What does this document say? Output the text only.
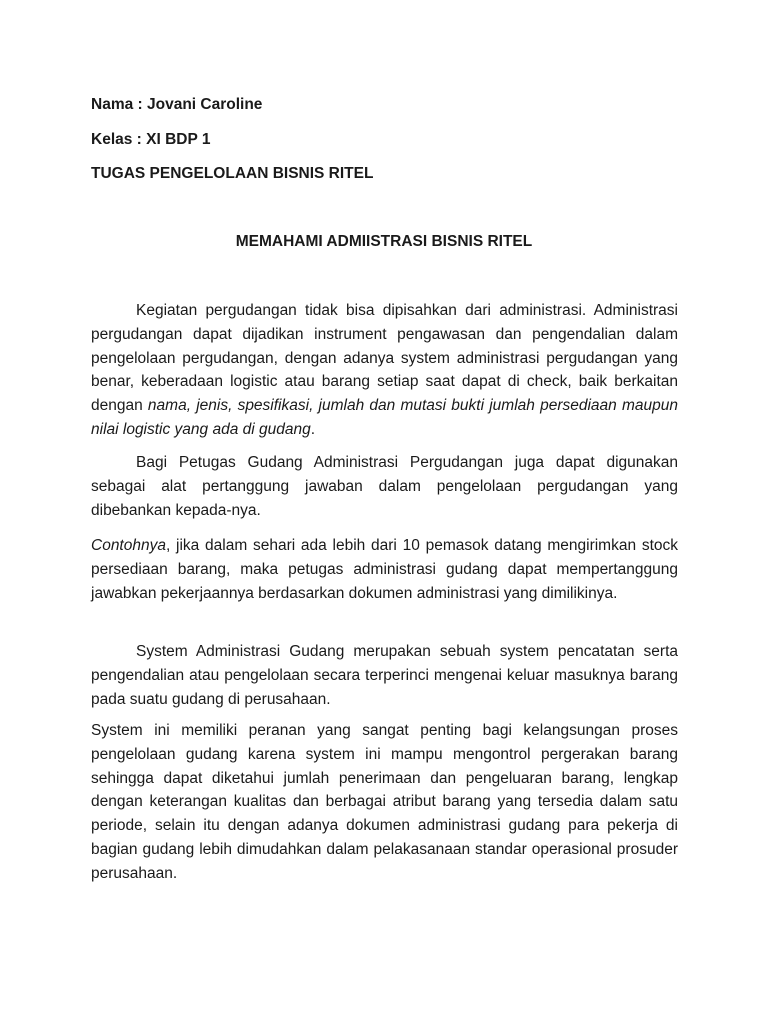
Nama : Jovani Caroline
Kelas : XI BDP 1
TUGAS PENGELOLAAN BISNIS RITEL
MEMAHAMI ADMIISTRASI BISNIS RITEL

Kegiatan pergudangan tidak bisa dipisahkan dari administrasi. Administrasi pergudangan dapat dijadikan instrument pengawasan dan pengendalian dalam pengelolaan pergudangan, dengan adanya system administrasi pergudangan yang benar, keberadaan logistic atau barang setiap saat dapat di check, baik berkaitan dengan nama, jenis, spesifikasi, jumlah dan mutasi bukti jumlah persediaan maupun nilai logistic yang ada di gudang.

Bagi Petugas Gudang Administrasi Pergudangan juga dapat digunakan sebagai alat pertanggung jawaban dalam pengelolaan pergudangan yang dibebankan kepada-nya.

Contohnya, jika dalam sehari ada lebih dari 10 pemasok datang mengirimkan stock persediaan barang, maka petugas administrasi gudang dapat mempertanggung jawabkan pekerjaannya berdasarkan dokumen administrasi yang dimilikinya.

System Administrasi Gudang merupakan sebuah system pencatatan serta pengendalian atau pengelolaan secara terperinci mengenai keluar masuknya barang pada suatu gudang di perusahaan.

System ini memiliki peranan yang sangat penting bagi kelangsungan proses pengelolaan gudang karena system ini mampu mengontrol pergerakan barang sehingga dapat diketahui jumlah penerimaan dan pengeluaran barang, lengkap dengan keterangan kualitas dan berbagai atribut barang yang tersedia dalam satu periode, selain itu dengan adanya dokumen administrasi gudang para pekerja di bagian gudang lebih dimudahkan dalam pelakasanaan standar operasional prosuder perusahaan.
